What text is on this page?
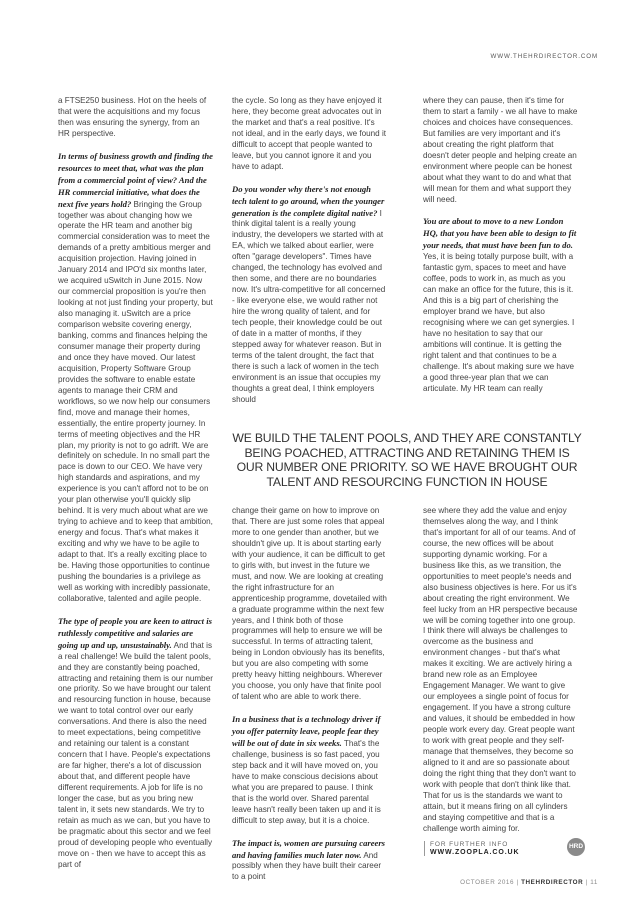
WWW.THEHRDIRECTOR.COM

a FTSE250 business. Hot on the heels of that were the acquisitions and my focus then was ensuring the synergy, from an HR perspective.

In terms of business growth and finding the resources to meet that, what was the plan from a commercial point of view? And the HR commercial initiative, what does the next five years hold? Bringing the Group together was about changing how we operate the HR team and another big commercial consideration was to meet the demands of a pretty ambitious merger and acquisition projection. Having joined in January 2014 and IPO'd six months later, we acquired uSwitch in June 2015. Now our commercial proposition is you're then looking at not just finding your property, but also managing it. uSwitch are a price comparison website covering energy, banking, comms and finances helping the consumer manage their property during and once they have moved. Our latest acquisition, Property Software Group provides the software to enable estate agents to manage their CRM and workflows, so we now help our consumers find, move and manage their homes, essentially, the entire property journey. In terms of meeting objectives and the HR plan, my priority is not to go adrift. We are definitely on schedule. In no small part the pace is down to our CEO. We have very high standards and aspirations, and my experience is you can't afford not to be on your plan otherwise you'll quickly slip behind. It is very much about what are we trying to achieve and to keep that ambition, energy and focus. That's what makes it exciting and why we have to be agile to adapt to that. It's a really exciting place to be. Having those opportunities to continue pushing the boundaries is a privilege as well as working with incredibly passionate, collaborative, talented and agile people.

The type of people you are keen to attract is ruthlessly competitive and salaries are going up and up, unsustainably. And that is a real challenge! We build the talent pools, and they are constantly being poached, attracting and retaining them is our number one priority. So we have brought our talent and resourcing function in house, because we want to total control over our early conversations. And there is also the need to meet expectations, being competitive and retaining our talent is a constant concern that I have. People's expectations are far higher, there's a lot of discussion about that, and different people have different requirements. A job for life is no longer the case, but as you bring new talent in, it sets new standards. We try to retain as much as we can, but you have to be pragmatic about this sector and we feel proud of developing people who eventually move on - then we have to accept this as part of

the cycle. So long as they have enjoyed it here, they become great advocates out in the market and that's a real positive. It's not ideal, and in the early days, we found it difficult to accept that people wanted to leave, but you cannot ignore it and you have to adapt.

Do you wonder why there's not enough tech talent to go around, when the younger generation is the complete digital native? I think digital talent is a really young industry, the developers we started with at EA, which we talked about earlier, were often "garage developers". Times have changed, the technology has evolved and then some, and there are no boundaries now. It's ultra-competitive for all concerned - like everyone else, we would rather not hire the wrong quality of talent, and for tech people, their knowledge could be out of date in a matter of months, if they stepped away for whatever reason. But in terms of the talent drought, the fact that there is such a lack of women in the tech environment is an issue that occupies my thoughts a great deal, I think employers should

where they can pause, then it's time for them to start a family - we all have to make choices and choices have consequences. But families are very important and it's about creating the right platform that doesn't deter people and helping create an environment where people can be honest about what they want to do and what that will mean for them and what support they will need.

You are about to move to a new London HQ, that you have been able to design to fit your needs, that must have been fun to do. Yes, it is being totally purpose built, with a fantastic gym, spaces to meet and have coffee, pods to work in, as much as you can make an office for the future, this is it. And this is a big part of cherishing the employer brand we have, but also recognising where we can get synergies. I have no hesitation to say that our ambitions will continue. It is getting the right talent and that continues to be a challenge. It's about making sure we have a good three-year plan that we can articulate. My HR team can really

WE BUILD THE TALENT POOLS, AND THEY ARE CONSTANTLY BEING POACHED, ATTRACTING AND RETAINING THEM IS OUR NUMBER ONE PRIORITY. SO WE HAVE BROUGHT OUR TALENT AND RESOURCING FUNCTION IN HOUSE

change their game on how to improve on that. There are just some roles that appeal more to one gender than another, but we shouldn't give up. It is about starting early with your audience, it can be difficult to get to girls with, but invest in the future we must, and now. We are looking at creating the right infrastructure for an apprenticeship programme, dovetailed with a graduate programme within the next few years, and I think both of those programmes will help to ensure we will be successful. In terms of attracting talent, being in London obviously has its benefits, but you are also competing with some pretty heavy hitting neighbours. Wherever you choose, you only have that finite pool of talent who are able to work there.

In a business that is a technology driver if you offer paternity leave, people fear they will be out of date in six weeks. That's the challenge, business is so fast paced, you step back and it will have moved on, you have to make conscious decisions about what you are prepared to pause. I think that is the world over. Shared parental leave hasn't really been taken up and it is difficult to step away, but it is a choice.

The impact is, women are pursuing careers and having families much later now. And possibly when they have built their career to a point

see where they add the value and enjoy themselves along the way, and I think that's important for all of our teams. And of course, the new offices will be about supporting dynamic working. For a business like this, as we transition, the opportunities to meet people's needs and also business objectives is here. For us it's about creating the right environment. We feel lucky from an HR perspective because we will be coming together into one group. I think there will always be challenges to overcome as the business and environment changes - but that's what makes it exciting. We are actively hiring a brand new role as an Employee Engagement Manager. We want to give our employees a single point of focus for engagement. If you have a strong culture and values, it should be embedded in how people work every day. Great people want to work with great people and they self-manage that themselves, they become so aligned to it and are so passionate about doing the right thing that they don't want to work with people that don't think like that. That for us is the standards we want to attain, but it means firing on all cylinders and staying competitive and that is a challenge worth aiming for.

FOR FURTHER INFO
WWW.ZOOPLA.CO.UK
HRD
OCTOBER 2016 | THEHRDIRECTOR | 11
